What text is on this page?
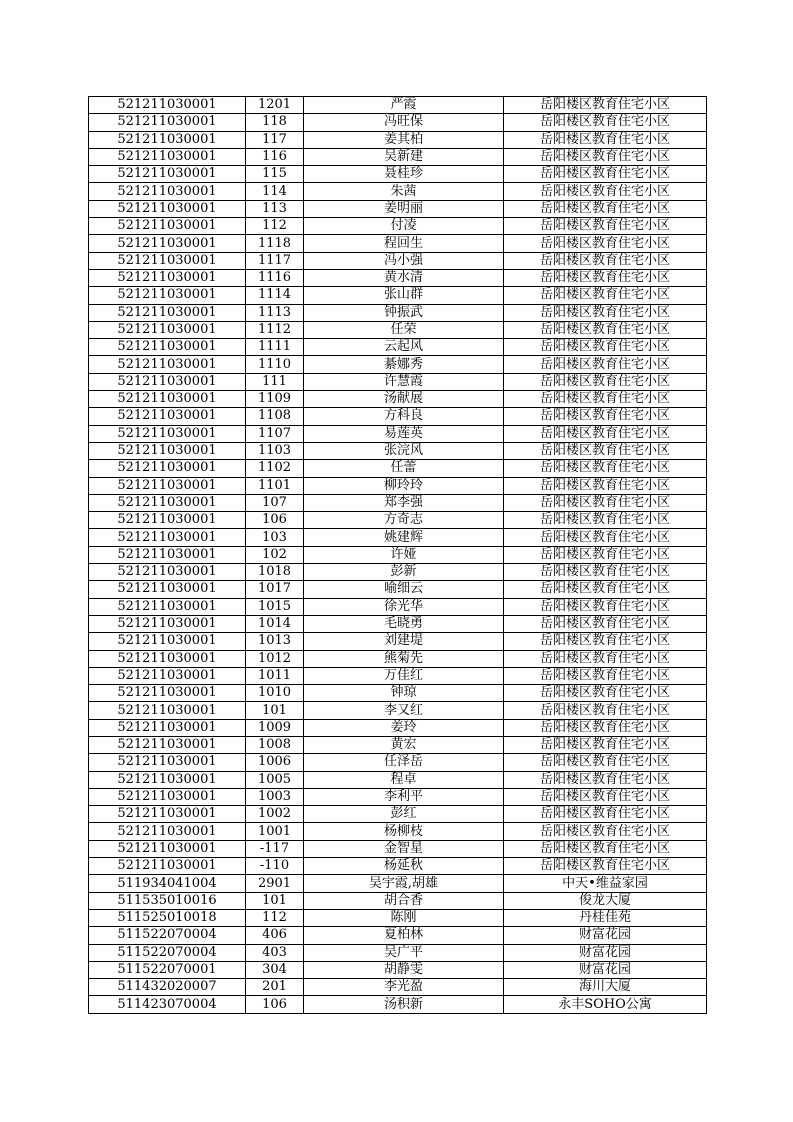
521211030001	1201	严霞	岳阳楼区教育住宅小区
521211030001	118	冯旺保	岳阳楼区教育住宅小区
521211030001	117	姜其柏	岳阳楼区教育住宅小区
521211030001	116	吴新建	岳阳楼区教育住宅小区
521211030001	115	聂桂珍	岳阳楼区教育住宅小区
521211030001	114	朱茜	岳阳楼区教育住宅小区
521211030001	113	姜明丽	岳阳楼区教育住宅小区
521211030001	112	付凌	岳阳楼区教育住宅小区
521211030001	1118	程回生	岳阳楼区教育住宅小区
521211030001	1117	冯小强	岳阳楼区教育住宅小区
521211030001	1116	黄水清	岳阳楼区教育住宅小区
521211030001	1114	张山群	岳阳楼区教育住宅小区
521211030001	1113	钟振武	岳阳楼区教育住宅小区
521211030001	1112	任荣	岳阳楼区教育住宅小区
521211030001	1111	云起风	岳阳楼区教育住宅小区
521211030001	1110	綦娜秀	岳阳楼区教育住宅小区
521211030001	111	许慧霞	岳阳楼区教育住宅小区
521211030001	1109	汤献展	岳阳楼区教育住宅小区
521211030001	1108	方科良	岳阳楼区教育住宅小区
521211030001	1107	易莲英	岳阳楼区教育住宅小区
521211030001	1103	张浣风	岳阳楼区教育住宅小区
521211030001	1102	任蕾	岳阳楼区教育住宅小区
521211030001	1101	柳玲玲	岳阳楼区教育住宅小区
521211030001	107	郑李强	岳阳楼区教育住宅小区
521211030001	106	方奇志	岳阳楼区教育住宅小区
521211030001	103	姚建辉	岳阳楼区教育住宅小区
521211030001	102	许娅	岳阳楼区教育住宅小区
521211030001	1018	彭新	岳阳楼区教育住宅小区
521211030001	1017	喻细云	岳阳楼区教育住宅小区
521211030001	1015	徐光华	岳阳楼区教育住宅小区
521211030001	1014	毛晓勇	岳阳楼区教育住宅小区
521211030001	1013	刘建堤	岳阳楼区教育住宅小区
521211030001	1012	熊菊先	岳阳楼区教育住宅小区
521211030001	1011	万佳红	岳阳楼区教育住宅小区
521211030001	1010	钟琼	岳阳楼区教育住宅小区
521211030001	101	李又红	岳阳楼区教育住宅小区
521211030001	1009	姜玲	岳阳楼区教育住宅小区
521211030001	1008	黄宏	岳阳楼区教育住宅小区
521211030001	1006	任泽岳	岳阳楼区教育住宅小区
521211030001	1005	程卓	岳阳楼区教育住宅小区
521211030001	1003	李利平	岳阳楼区教育住宅小区
521211030001	1002	彭红	岳阳楼区教育住宅小区
521211030001	1001	杨柳枝	岳阳楼区教育住宅小区
521211030001	-117	金智星	岳阳楼区教育住宅小区
521211030001	-110	杨延秋	岳阳楼区教育住宅小区
511934041004	2901	吴宇霞,胡雄	中天•维益家园
511535010016	101	胡合香	俊龙大厦
511525010018	112	陈刚	丹桂佳苑
511522070004	406	夏柏林	财富花园
511522070004	403	吴广平	财富花园
511522070001	304	胡静雯	财富花园
511432020007	201	李光盈	海川大厦
511423070004	106	汤积新	永丰SOHO公寓
